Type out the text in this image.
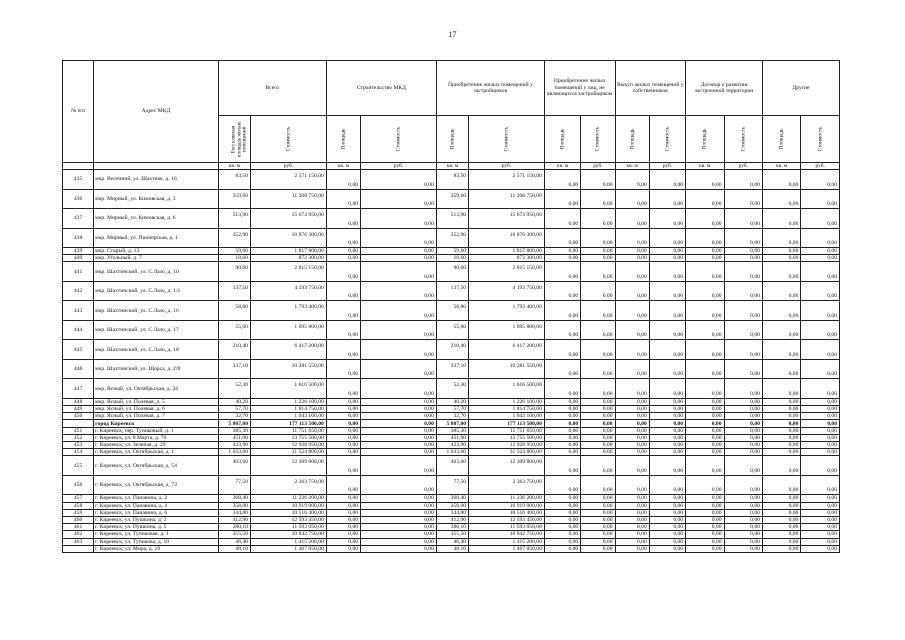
17
№ п/п	Адрес МКД	Всего		Строительство МКД		Приобретение жилых помещений у застройщиков		Приобретение жилых помещений у лиц, не являющихся застройщиком		Выкуп жилых помещений у собственников		Договор о развитии застроенной территории		Другие	
		Расселяемая площадь жилых помещений	Стоимость	Площадь	Стоимость	Площадь	Стоимость	Площадь	Стоимость	Площадь	Стоимость	Площадь	Стоимость	Площадь	Стоимость
		кв. м	руб.	кв. м	руб.	кв. м	руб.	кв. м	руб.	кв. м	руб.	кв. м	руб.	кв. м	руб.
435	мкр. Весенний, ул. Шахтная, д. 16	83,50	2 571 150,00	0,00	0,00	83,50	2 571 150,00	0,00	0,00	0,00	0,00	0,00	0,00	0,00	0,00
436	мкр. Мирный, ул. Кимовская, д. 3	359,60	11 208 750,00	0,00	0,00	359,60	11 208 750,00	0,00	0,00	0,00	0,00	0,00	0,00	0,00	0,00
437	мкр. Мирный, ул. Кимовская, д. 6	513,90	15 673 950,00	0,00	0,00	513,90	15 673 950,00	0,00	0,00	0,00	0,00	0,00	0,00	0,00	0,00
438	мкр. Мирный, ул. Пионерская, д. 1	352,90	10 876 300,00	0,00	0,00	352,90	10 876 300,00	0,00	0,00	0,00	0,00	0,00	0,00	0,00	0,00
439	мкр. Старый, д. 13	59,60	1 817 800,00	0,00	0,00	59,60	1 817 800,00	0,00	0,00	0,00	0,00	0,00	0,00	0,00	0,00
440	мкр. Угольный, д. 7	18,60	872 300,00	0,00	0,00	18,60	872 300,00	0,00	0,00	0,00	0,00	0,00	0,00	0,00	0,00
441	мкр. Шахтинский, ул. С.Лазо, д. 10	90,60	2 815 150,00	0,00	0,00	90,60	2 815 150,00	0,00	0,00	0,00	0,00	0,00	0,00	0,00	0,00
442	мкр. Шахтинский, ул. С.Лазо, д. 1/1	137,50	4 193 750,00	0,00	0,00	137,50	4 193 750,00	0,00	0,00	0,00	0,00	0,00	0,00	0,00	0,00
443	мкр. Шахтинский, ул. С.Лазо, д. 16	58,80	1 793 400,00	0,00	0,00	58,80	1 793 400,00	0,00	0,00	0,00	0,00	0,00	0,00	0,00	0,00
444	мкр. Шахтинский, ул. С.Лазо, д. 17	55,60	1 695 800,00	0,00	0,00	55,60	1 695 800,00	0,00	0,00	0,00	0,00	0,00	0,00	0,00	0,00
445	мкр. Шахтинский, ул. С.Лазо, д. 18	210,40	6 417 200,00	0,00	0,00	210,40	6 417 200,00	0,00	0,00	0,00	0,00	0,00	0,00	0,00	0,00
446	мкр. Шахтинский, ул. Щорса, д. 2/8	337,10	10 281 550,00	0,00	0,00	337,10	10 281 550,00	0,00	0,00	0,00	0,00	0,00	0,00	0,00	0,00
447	мкр. Ясный, ул. Октябрьская, д. 34	52,30	1 616 500,00	0,00	0,00	52,30	1 616 500,00	0,00	0,00	0,00	0,00	0,00	0,00	0,00	0,00
448	мкр. Ясный, ул. Полевая, д. 5	40,20	1 226 100,00	0,00	0,00	40,20	1 226 100,00	0,00	0,00	0,00	0,00	0,00	0,00	0,00	0,00
449	мкр. Ясный, ул. Полевая, д. 6	57,70	1 814 750,00	0,00	0,00	57,70	1 814 750,00	0,00	0,00	0,00	0,00	0,00	0,00	0,00	0,00
450	мкр. Ясный, ул. Полевая, д. 7	32,70	1 043 100,00	0,00	0,00	32,70	1 043 100,00	0,00	0,00	0,00	0,00	0,00	0,00	0,00	0,00
	город Киреевск	5 807,00	177 113 500,00	0,00	0,00	5 807,00	177 113 500,00	0,00	0,00	0,00	0,00	0,00	0,00	0,00	0,00
451	г. Киреевск, пер. Тупиковый, д. 1	385,30	11 751 650,00	0,00	0,00	385,30	11 751 650,00	0,00	0,00	0,00	0,00	0,00	0,00	0,00	0,00
452	г. Киреевск, ул. 8 Марта, д. 76	451,00	13 755 500,00	0,00	0,00	451,00	13 755 500,00	0,00	0,00	0,00	0,00	0,00	0,00	0,00	0,00
453	г. Киреевск, ул. Зеленая, д. 29	423,90	12 928 950,00	0,00	0,00	423,90	12 928 950,00	0,00	0,00	0,00	0,00	0,00	0,00	0,00	0,00
454	г. Киреевск, ул. Октябрьская, д. 1	1 033,60	31 524 800,00	0,00	0,00	1 033,60	31 524 800,00	0,00	0,00	0,00	0,00	0,00	0,00	0,00	0,00
455	г. Киреевск, ул. Октябрьская, д. 54	403,60	12 309 800,00	0,00	0,00	403,60	12 309 800,00	0,00	0,00	0,00	0,00	0,00	0,00	0,00	0,00
456	г. Киреевск, ул. Октябрьская, д. 73	77,50	2 363 750,00	0,00	0,00	77,50	2 363 750,00	0,00	0,00	0,00	0,00	0,00	0,00	0,00	0,00
457	г. Киреевск, ул. Панавина, д. 2	368,40	11 236 200,00	0,00	0,00	368,40	11 236 200,00	0,00	0,00	0,00	0,00	0,00	0,00	0,00	0,00
458	г. Киреевск, ул. Панавина, д. 4	358,00	10 919 000,00	0,00	0,00	358,00	10 919 000,00	0,00	0,00	0,00	0,00	0,00	0,00	0,00	0,00
459	г. Киреевск, ул. Панавина, д. 6	344,80	10 516 400,00	0,00	0,00	344,80	10 516 400,00	0,00	0,00	0,00	0,00	0,00	0,00	0,00	0,00
460	г. Киреевск, ул. Пушкина, д. 3	412,90	12 593 450,00	0,00	0,00	412,90	12 593 450,00	0,00	0,00	0,00	0,00	0,00	0,00	0,00	0,00
461	г. Киреевск, ул. Пушкина, д. 5	380,10	11 593 050,00	0,00	0,00	380,10	11 593 050,00	0,00	0,00	0,00	0,00	0,00	0,00	0,00	0,00
462	г. Киреевск, ул. Тупиковая, д. 1	355,50	10 842 750,00	0,00	0,00	355,50	10 842 750,00	0,00	0,00	0,00	0,00	0,00	0,00	0,00	0,00
463	г. Киреевск, ул. Тупикова, д. 10	46,40	1 415 200,00	0,00	0,00	46,40	1 415 200,00	0,00	0,00	0,00	0,00	0,00	0,00	0,00	0,00
	г. Киреевск, ул. Мира, д. 10	48,10	1 467 050,00	0,00	0,00	48,10	1 467 050,00	0,00	0,00	0,00	0,00	0,00	0,00	0,00	0,00
